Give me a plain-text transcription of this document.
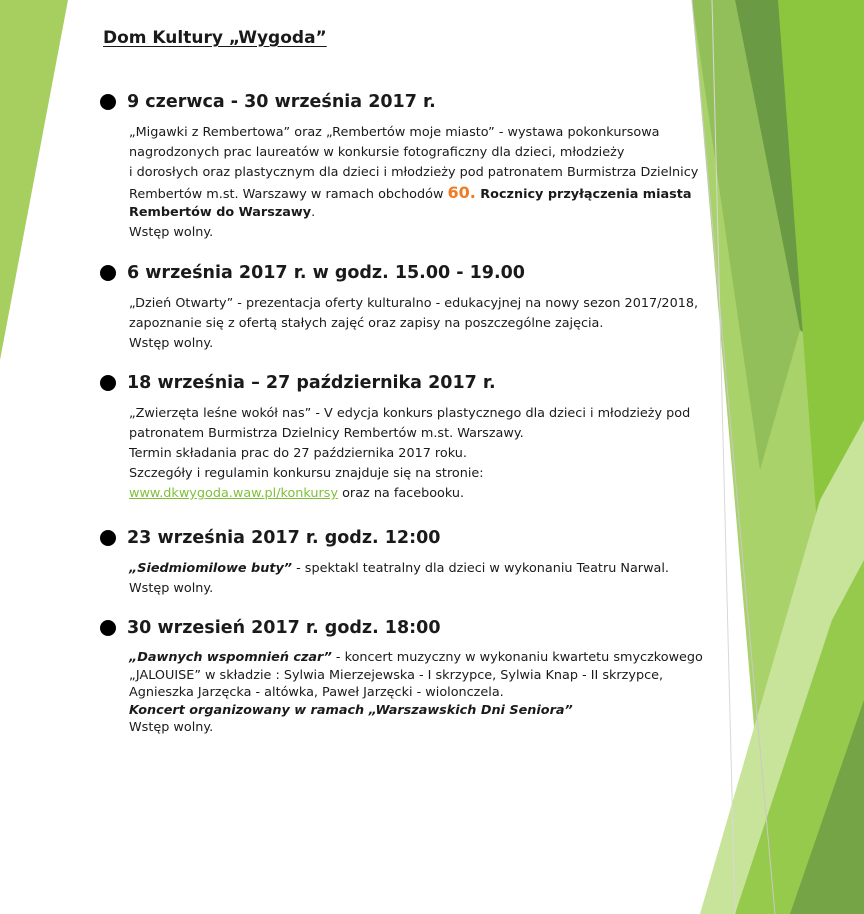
Dom Kultury „Wygoda”
9 czerwca - 30 września 2017 r.
„Migawki z Rembertowa” oraz „Rembertów moje miasto” - wystawa pokonkursowa
nagrodzonych prac laureatów w konkursie fotograficzny dla dzieci, młodzieży
i dorosłych oraz plastycznym dla dzieci i młodzieży pod patronatem Burmistrza Dzielnicy
Rembertów m.st. Warszawy w ramach obchodów 60. Rocznicy przyłączenia miasta
Rembertów do Warszawy.
Wstęp wolny.
6 września 2017 r. w godz. 15.00 - 19.00
„Dzień Otwarty” - prezentacja oferty kulturalno - edukacyjnej na nowy sezon 2017/2018,
zapoznanie się z ofertą stałych zajęć oraz zapisy na poszczególne zajęcia.
Wstęp wolny.
18 września – 27 października 2017 r.
„Zwierzęta leśne wokół nas” - V edycja konkurs plastycznego dla dzieci i młodzieży pod
patronatem Burmistrza Dzielnicy Rembertów m.st. Warszawy.
Termin składania prac do 27 października 2017 roku.
Szczegóły i regulamin konkursu znajduje się na stronie:
www.dkwygoda.waw.pl/konkursy oraz na facebooku.
23 września 2017 r. godz. 12:00
„Siedmiomilowe buty” - spektakl teatralny dla dzieci w wykonaniu Teatru Narwal.
Wstęp wolny.
30 wrzesień 2017 r. godz. 18:00
„Dawnych wspomnień czar” - koncert muzyczny w wykonaniu kwartetu smyczkowego
„JALOUISE” w składzie : Sylwia Mierzejewska - I skrzypce, Sylwia Knap - II skrzypce,
Agnieszka Jarzęcka - altówka, Paweł Jarzęcki - wiolonczela.
Koncert organizowany w ramach „Warszawskich Dni Seniora”
Wstęp wolny.
